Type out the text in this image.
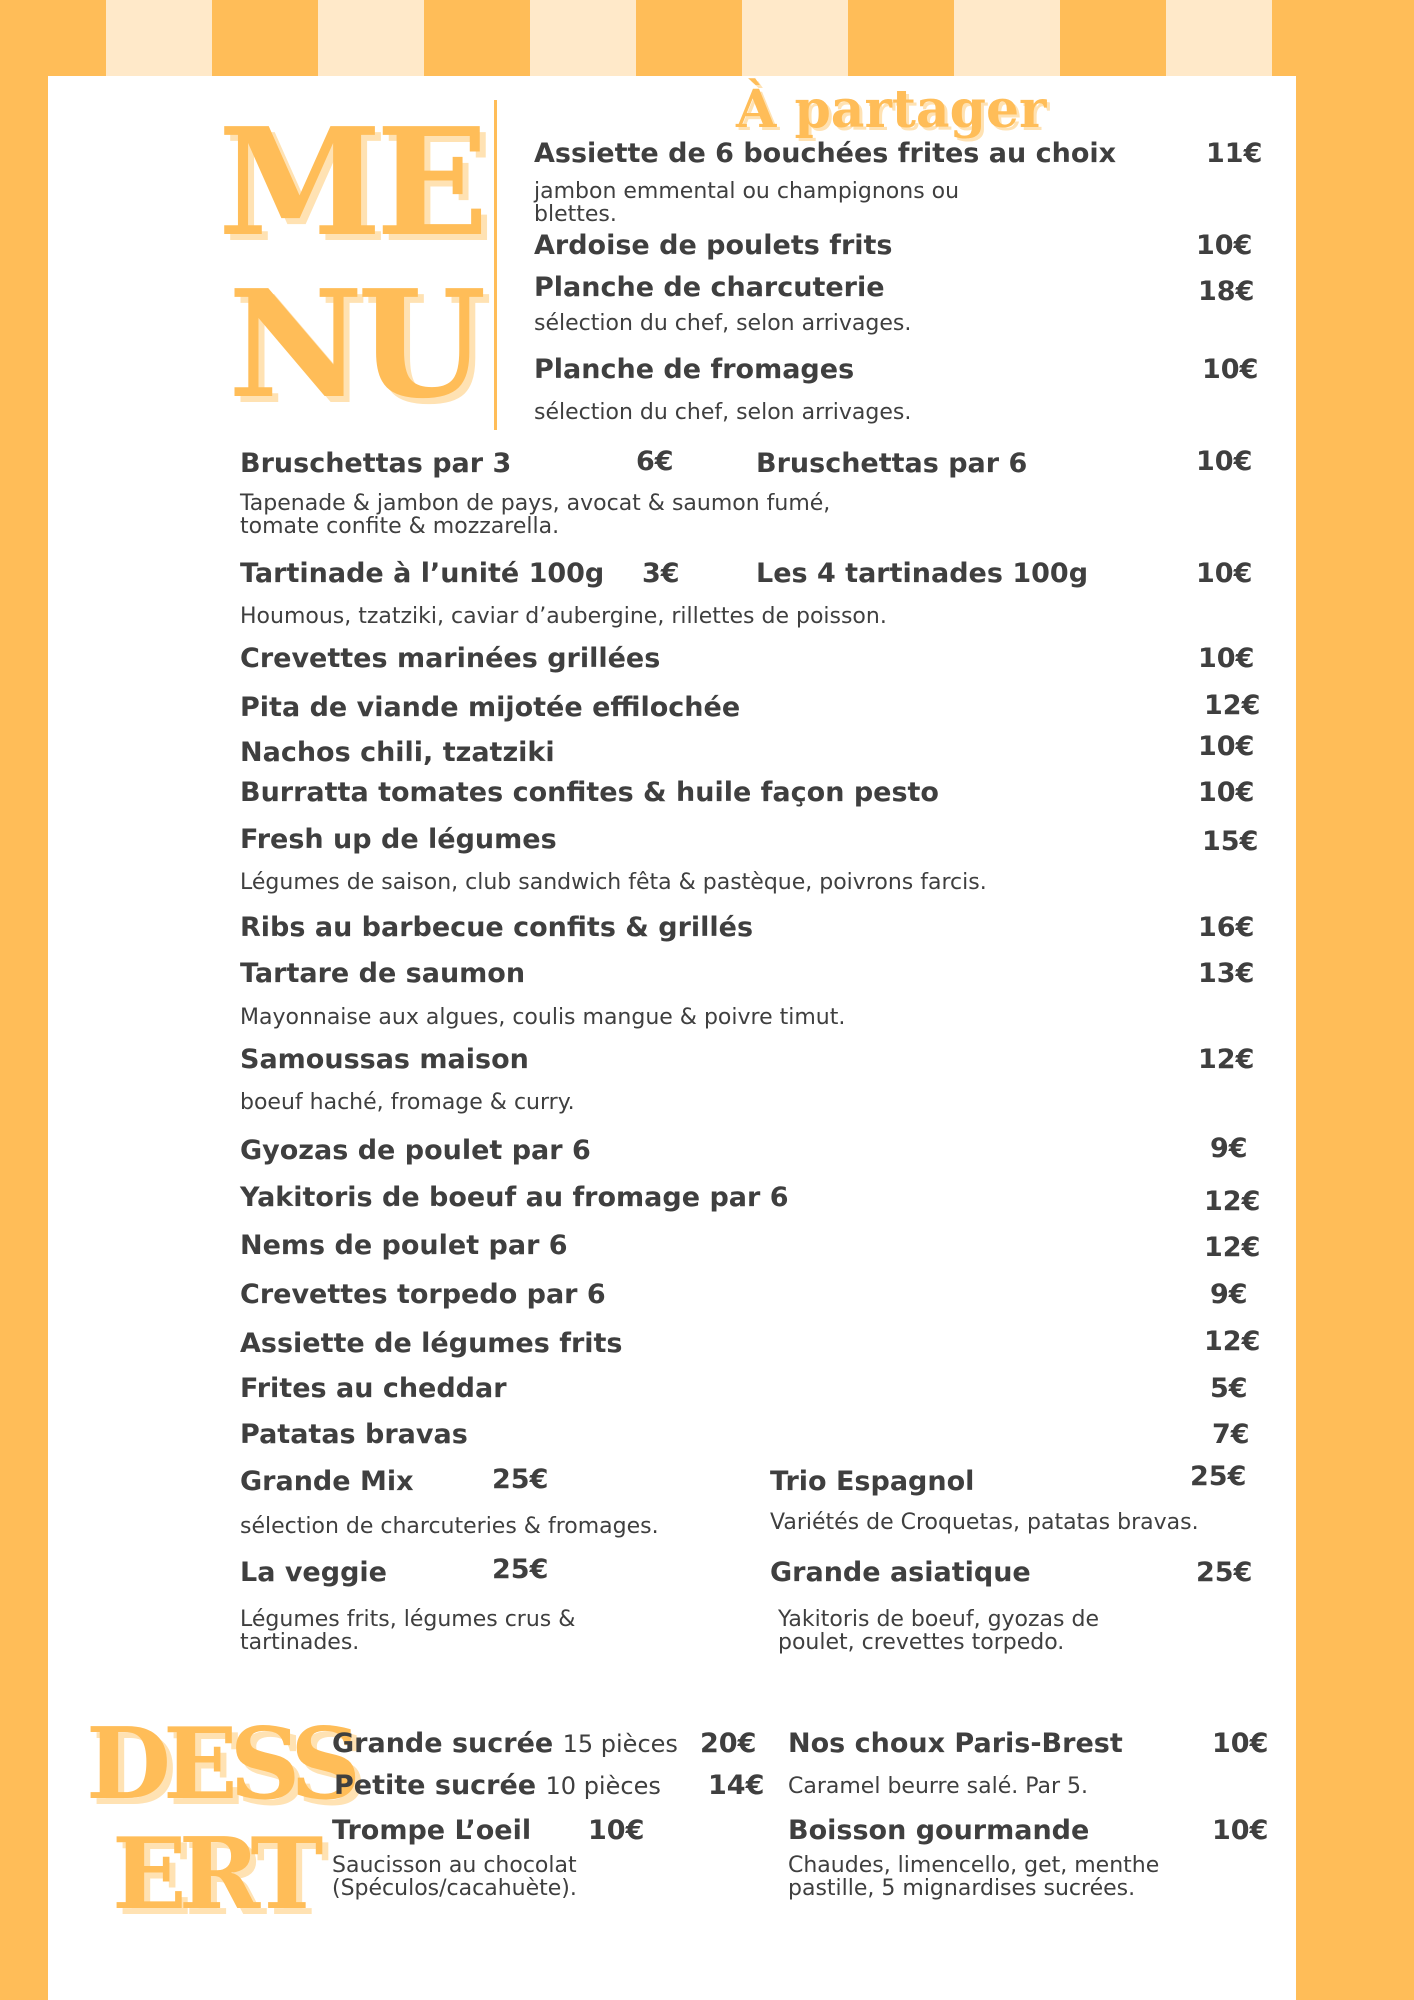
ME
NU
À partager
Assiette de 6 bouchées frites au choix	11€
jambon emmental ou champignons ou blettes.
Ardoise de poulets frits	10€
Planche de charcuterie	18€
sélection du chef, selon arrivages.
Planche de fromages	10€
sélection du chef, selon arrivages.
Bruschettas par 3	6€	Bruschettas par 6	10€
Tapenade & jambon de pays, avocat & saumon fumé, tomate confite & mozzarella.
Tartinade à l’unité 100g 3€	Les 4 tartinades 100g	10€
Houmous, tzatziki, caviar d’aubergine, rillettes de poisson.
Crevettes marinées grillées	10€
Pita de viande mijotée effilochée	12€
Nachos chili, tzatziki	10€
Burratta tomates confites & huile façon pesto	10€
Fresh up de légumes	15€
Légumes de saison, club sandwich fêta & pastèque, poivrons farcis.
Ribs au barbecue confits & grillés	16€
Tartare de saumon	13€
Mayonnaise aux algues, coulis mangue & poivre timut.
Samoussas maison	12€
boeuf haché, fromage & curry.
Gyozas de poulet par 6	9€
Yakitoris de boeuf au fromage par 6	12€
Nems de poulet par 6	12€
Crevettes torpedo par 6	9€
Assiette de légumes frits	12€
Frites au cheddar	5€
Patatas bravas	7€
Grande Mix	25€
sélection de charcuteries & fromages.
Trio Espagnol	25€
Variétés de Croquetas, patatas bravas.
La veggie	25€
Légumes frits, légumes crus & tartinades.
Grande asiatique	25€
Yakitoris de boeuf, gyozas de poulet, crevettes torpedo.
DESS
ERT
Grande sucrée 15 pièces 20€
Petite sucrée 10 pièces 14€
Trompe L’oeil 10€
Saucisson au chocolat (Spéculos/cacahuète).
Nos choux Paris-Brest	10€
Caramel beurre salé. Par 5.
Boisson gourmande	10€
Chaudes, limencello, get, menthe pastille, 5 mignardises sucrées.
